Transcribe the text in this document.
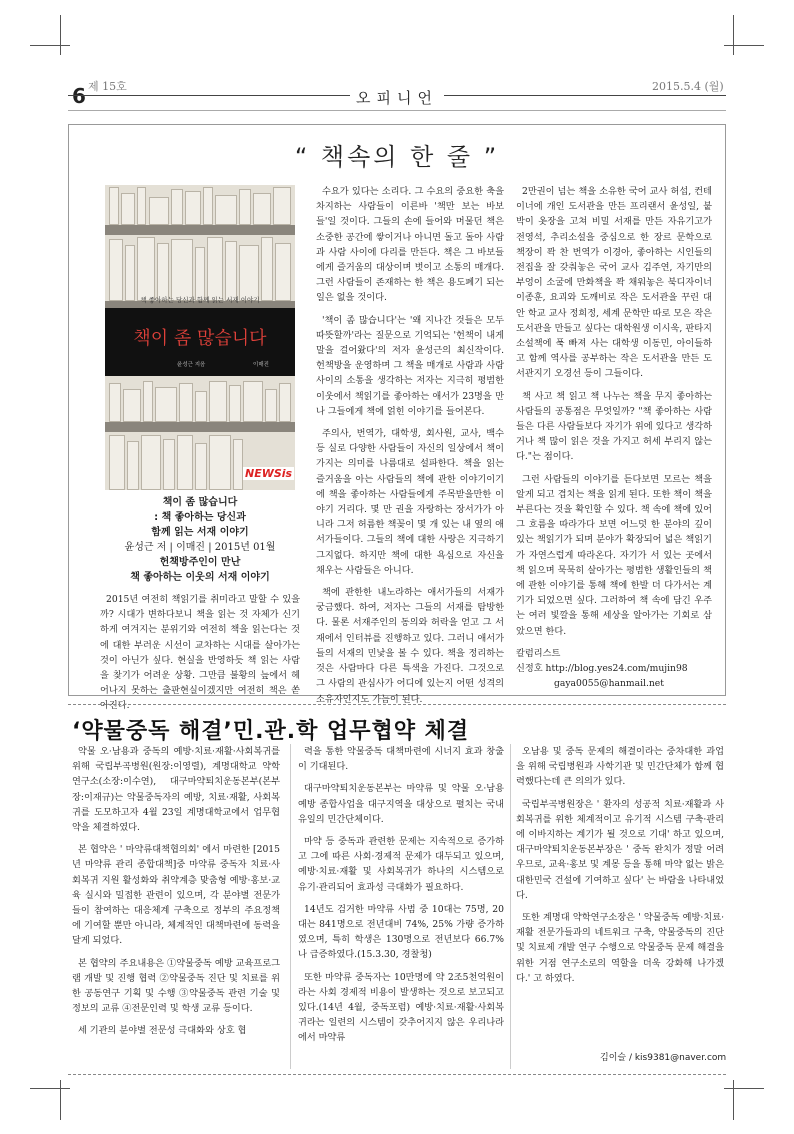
6 제 15호	2015.5.4 (월)
오피니언
“ 책속의 한 줄 ”
책 좋아하는 당신과 함께 읽는 서재 이야기
책이 좀 많습니다
윤성근 지음	이매진
NEWSis
책이 좀 많습니다
: 책 좋아하는 당신과
함께 읽는 서재 이야기
윤성근 저 | 이매진 | 2015년 01월
헌책방주인이 만난
책 좋아하는 이웃의 서재 이야기

2015년 여전히 책읽기를 취미라고 말할 수 있을까? 시대가 변하다보니 책을 읽는 것 자체가 신기하게 여겨지는 분위기와 여전히 책을 읽는다는 것에 대한 부러운 시선이 교차하는 시대를 살아가는 것이 아닌가 싶다. 현실을 반영하듯 책 읽는 사람을 찾기가 어려운 상황. 그만큼 불황의 늪에서 헤어나지 못하는 출판현실이겠지만 여전히 책은 쏟아진다.

수요가 있다는 소리다. 그 수요의 중요한 축을 차지하는 사람들이 이른바 '책만 보는 바보들'일 것이다. 그들의 손에 들어와 머물던 책은 소중한 공간에 쌓이거나 아니면 돌고 돌아 사람과 사람 사이에 다리를 만든다. 책은 그 바보들에게 즐거움의 대상이며 벗이고 소통의 매개다. 그런 사람들이 존재하는 한 책은 용도폐기 되는 일은 없을 것이다.

'책이 좀 많습니다'는 '왜 지나간 것들은 모두 따뜻할까'라는 질문으로 기억되는 '헌책이 내게 말을 걸어왔다'의 저자 윤성근의 최신작이다. 헌책방을 운영하며 그 책을 매개로 사람과 사람 사이의 소통을 생각하는 저자는 지극히 평범한 이웃에서 책읽기를 좋아하는 애서가 23명을 만나 그들에게 책에 얽힌 이야기를 들어본다.

주의사, 번역가, 대학생, 회사원, 교사, 백수 등 실로 다양한 사람들이 자신의 일상에서 책이 가지는 의미를 나름대로 설파한다. 책을 읽는 즐거움을 아는 사람들의 책에 관한 이야기이기에 책을 좋아하는 사람들에게 주목받을만한 이야기 거리다. 몇 만 권을 자랑하는 장서가가 아니라 그저 허름한 책꽂이 몇 개 있는 내 옆의 애서가들이다. 그들의 책에 대한 사랑은 지극하기 그지없다. 하지만 책에 대한 욕심으로 자신을 채우는 사람들은 아니다.

책에 관한한 내노라하는 애서가들의 서재가 궁금했다. 하여, 저자는 그들의 서재를 탐방한다. 물론 서재주인의 동의와 허락을 얻고 그 서재에서 인터뷰를 진행하고 있다. 그러니 애서가들의 서재의 민낯을 볼 수 있다. 책을 정리하는 것은 사람마다 다른 특색을 가진다. 그것으로 그 사람의 관심사가 어디에 있는지 어떤 성격의 소유자인지도 가늠이 된다.

2만권이 넘는 책을 소유한 국어 교사 허섭, 컨테이너에 개인 도서관을 만든 프리랜서 윤성일, 붙박이 옷장을 고쳐 비밀 서재를 만든 자유기고가 전영석, 추리소설을 중심으로 한 장르 문학으로 책장이 꽉 찬 번역가 이경아, 좋아하는 시인들의 전집을 잘 갖춰놓은 국어 교사 김주연, 자기만의 부엉이 소굴에 만화책을 꽉 채워놓은 북디자이너 이종훈, 요괴와 도깨비로 작은 도서관을 꾸린 대안 학교 교사 정희정, 세계 문학만 따로 모은 작은 도서관을 만들고 싶다는 대학원생 이시욱, 판타지 소설책에 푹 빠져 사는 대학생 이동민, 아이들하고 함께 역사를 공부하는 작은 도서관을 만든 도서관지기 오경선 등이 그들이다.

책 사고 책 읽고 책 나누는 책을 무지 좋아하는 사람들의 공통점은 무엇일까? "책 좋아하는 사람들은 다른 사람들보다 자기가 위에 있다고 생각하거나 책 많이 읽은 것을 가지고 허세 부리지 않는다."는 점이다.

그런 사람들의 이야기를 듣다보면 모르는 책을 알게 되고 겹치는 책을 읽게 된다. 또한 책이 책을 부른다는 것을 확인할 수 있다. 책 속에 책에 있어 그 흐름을 따라가다 보면 어느덧 한 분야의 깊이 있는 책읽기가 되며 분야가 확장되어 넓은 책읽기가 자연스럽게 따라온다. 자기가 서 있는 곳에서 책 읽으며 묵묵히 살아가는 평범한 생활인들의 책에 관한 이야기를 통해 책에 한발 더 다가서는 계기가 되었으면 싶다. 그러하여 책 속에 담긴 우주는 여러 빛깔을 통해 세상을 알아가는 기회로 삼았으면 한다.

칼럼리스트
신정호 http://blog.yes24.com/mujin98
gaya0055@hanmail.net
‘약물중독 해결’민.관.학 업무협약 체결

약물 오·남용과 중독의 예방·치료·재활·사회복귀를 위해 국립부곡병원(원장:이영렬), 계명대학교 약학연구소(소장:이수연), 대구마약퇴치운동본부(본부장:이재규)는 약물중독자의 예방, 치료·재활, 사회복귀를 도모하고자 4월 23일 계명대학교에서 업무협약을 체결하였다.

본 협약은 ' 마약류대책협의회' 에서 마련한 [2015년 마약류 관리 종합대책]중 마약류 중독자 치료·사회복귀 지원 활성화와 취약계층 맞춤형 예방·홍보·교육 실시와 밀접한 관련이 있으며, 각 분야별 전문가들이 참여하는 대응체계 구축으로 정부의 주요정책에 기여할 뿐만 아니라, 체계적인 대책마련에 동력을 달게 되었다.

본 협약의 주요내용은 ①약물중독 예방 교육프로그램 개발 및 진행 협력 ②약물중독 진단 및 치료를 위한 공동연구 기획 및 수행 ③약물중독 관련 기술 및 정보의 교류 ④전문인력 및 학생 교류 등이다.

세 기관의 분야별 전문성 극대화와 상호 협

력을 통한 약물중독 대책마련에 시너지 효과 창출이 기대된다.

대구마약퇴치운동본부는 마약류 및 약물 오·남용 예방 종합사업을 대구지역을 대상으로 펼치는 국내 유일의 민간단체이다.

마약 등 중독과 관련한 문제는 지속적으로 증가하고 그에 따른 사회·경제적 문제가 대두되고 있으며, 예방·치료·재활 및 사회복귀가 하나의 시스템으로 유기·관리되어 효과성 극대화가 필요하다.

14년도 검거한 마약류 사범 중 10대는 75명, 20대는 841명으로 전년대비 74%, 25% 가량 증가하였으며, 특히 학생은 130명으로 전년보다 66.7%나 급증하였다.(15.3.30, 경찰청)

또한 마약류 중독자는 10만명에 약 2조5천억원이라는 사회 경제적 비용이 발생하는 것으로 보고되고 있다.(14년 4월, 중독포럼) 예방·치료·재활·사회복귀라는 일련의 시스템이 갖추어지지 않은 우리나라에서 마약류

오남용 및 중독 문제의 해결이라는 중차대한 과업을 위해 국립병원과 사학기관 및 민간단체가 함께 협력했다는데 큰 의의가 있다.

국립부곡병원장은 ' 환자의 성공적 치료·재활과 사회복귀를 위한 체계적이고 유기적 시스템 구축·관리에 이바지하는 계기가 될 것으로 기대' 하고 있으며, 대구마약퇴치운동본부장은 ' 중독 완치가 정말 어려우므로, 교육·홍보 및 계몽 등을 통해 마약 없는 밝은 대한민국 건설에 기여하고 싶다' 는 바람을 나타내었다.

또한 계명대 약학연구소장은 ' 약물중독 예방·치료·재활 전문가들과의 네트워크 구축, 약물중독의 진단 및 치료제 개발 연구 수행으로 약물중독 문제 해결을 위한 거점 연구소로의 역할을 더욱 강화해 나가겠다.' 고 하였다.

김이슬 / kis9381@naver.com
